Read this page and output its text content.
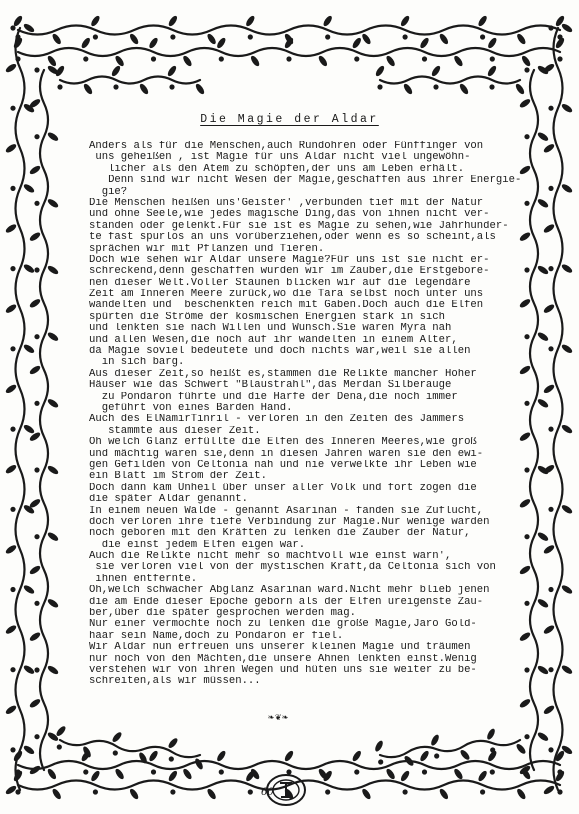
Die Magie der Aldar
Anders als für die Menschen,auch Rundohren oder Fünffinger von
uns geheißen , ist Magie für uns Aldar nicht viel ungewöhn-
licher als den Atem zu schöpfen,der uns am Leben erhält.
Denn sind wir nicht Wesen der Magie,geschaffen aus ihrer Energie-
gie?
Die Menschen heißen uns'Geister' ,verbunden tief mit der Natur
und ohne Seele,wie jedes magische Ding,das von ihnen nicht ver-
standen oder gelenkt.Für sie ist es Magie zu sehen,wie Jahrhunder-
te fast spurlos an uns vorüberziehen,oder wenn es so scheint,als
sprächen wir mit Pflanzen und Tieren.
Doch wie sehen wir Aldar unsere Magie?Für uns ist sie nicht er-
schreckend,denn geschaffen wurden wir im Zauber,die Erstgebore-
nen dieser Welt.Voller Staunen blicken wir auf die legendäre
Zeit am Inneren Meere zurück,wo die Tara selbst noch unter uns
wandelten und  beschenkten reich mit Gaben.Doch auch die Elfen
spürten die Ströme der kosmischen Energien stark in sich
und lenkten sie nach Willen und Wunsch.Sie waren Myra nah
und allen Wesen,die noch auf ihr wandelten in einem Alter,
da Magie soviel bedeutete und doch nichts war,weil sie allen
in sich barg.
Aus dieser Zeit,so heißt es,stammen die Relikte mancher Hoher
Häuser wie das Schwert "Blaustrahl",das Merdan Silberauge
zu Pondaron führte und die Harfe der Dena,die noch immer
geführt von eines Barden Hand.
Auch des ElNamirTinril - verloren in den Zeiten des Jammers
stammte aus dieser Zeit.
Oh welch Glanz erfüllte die Elfen des Inneren Meeres,wie groß
und mächtig waren sie,denn in diesen Jahren waren sie den ewi-
gen Gefilden von Celtonia nah und nie verwelkte ihr Leben wie
ein Blatt im Strom der Zeit.
Doch dann kam Unheil über unser aller Volk und fort zogen die
die später Aldar genannt.
In einem neuen Walde - genannt Asarinan - fanden sie Zuflucht,
doch verloren ihre tiefe Verbindung zur Magie.Nur wenige warden
noch geboren mit den Kräften zu lenken die Zauber der Natur,
die einst jedem Elfen eigen war.
Auch die Relikte nicht mehr so machtvoll wie einst warn',
sie verloren viel von der mystischen Kraft,da Celtonia sich von
ihnen entfernte.
Oh,welch schwacher Abglanz Asarinan ward.Nicht mehr blieb jenen
die am Ende dieser Epoche geborn als der Elfen ureigenste Zau-
ber,über die später gesprochen werden mag.
Nur einer vermochte noch zu lenken die große Magie,Jaro Gold-
haar sein Name,doch zu Pondaron er fiel.
Wir Aldar nun erfreuen uns unserer kleinen Magie und träumen
nur noch von den Mächten,die unsere Ahnen lenkten einst.Wenig
verstehen wir von ihren Wegen und hüten uns sie weiter zu be-
schreiten,als wir müssen...
❧❦❧
60
